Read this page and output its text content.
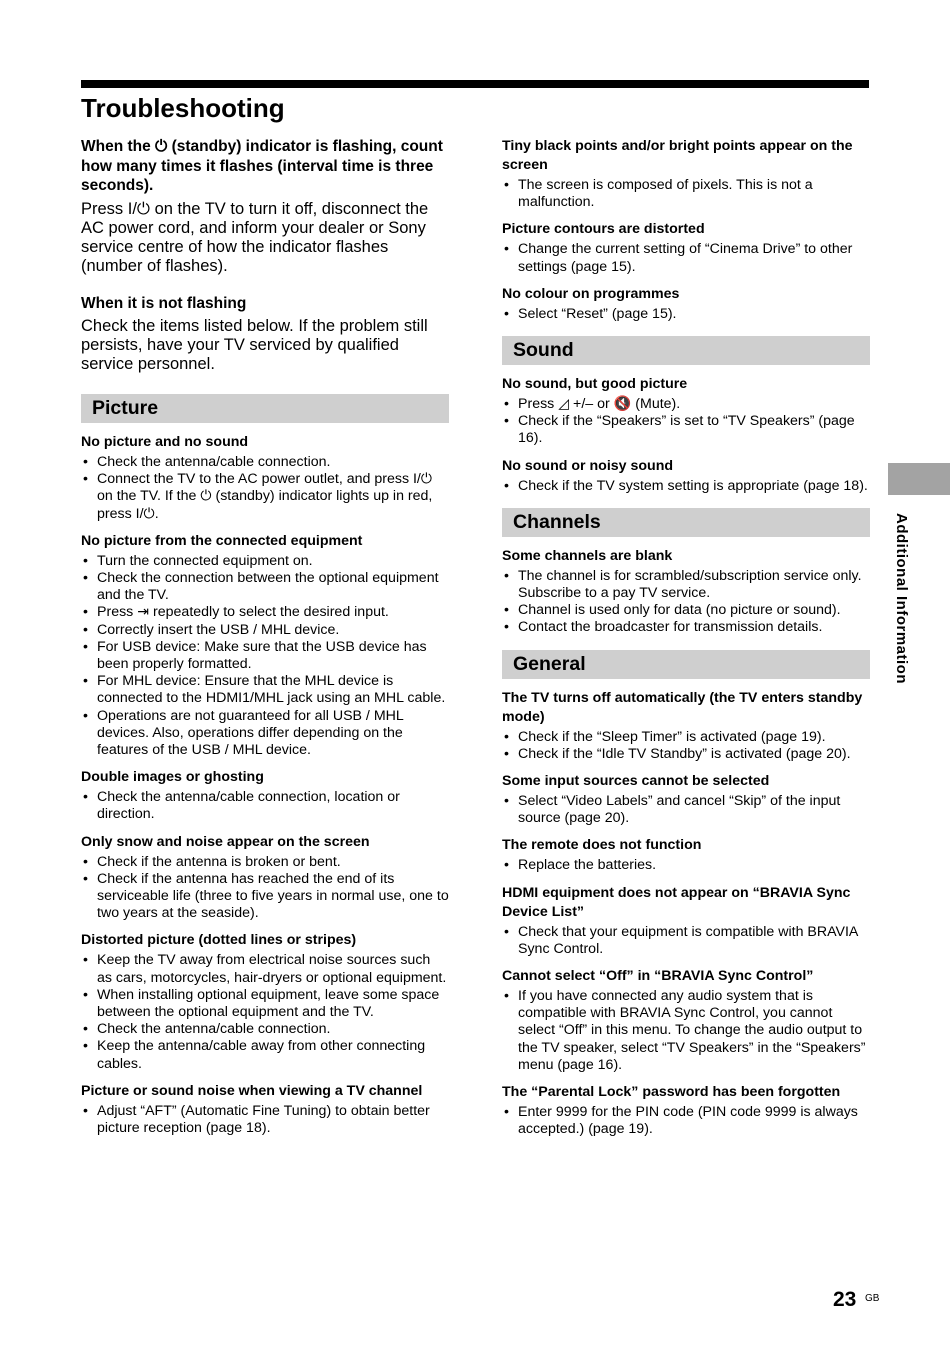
Troubleshooting

When the ⏻ (standby) indicator is flashing, count how many times it flashes (interval time is three seconds).

Press I/⏻ on the TV to turn it off, disconnect the AC power cord, and inform your dealer or Sony service centre of how the indicator flashes (number of flashes).

When it is not flashing

Check the items listed below. If the problem still persists, have your TV serviced by qualified service personnel.

Picture
No picture and no sound
• Check the antenna/cable connection.
• Connect the TV to the AC power outlet, and press I/⏻ on the TV. If the ⏻ (standby) indicator lights up in red, press I/⏻.
No picture from the connected equipment
• Turn the connected equipment on.
• Check the connection between the optional equipment and the TV.
• Press ⇥ repeatedly to select the desired input.
• Correctly insert the USB / MHL device.
• For USB device: Make sure that the USB device has been properly formatted.
• For MHL device: Ensure that the MHL device is connected to the HDMI1/MHL jack using an MHL cable.
• Operations are not guaranteed for all USB / MHL devices. Also, operations differ depending on the features of the USB / MHL device.
Double images or ghosting
• Check the antenna/cable connection, location or direction.
Only snow and noise appear on the screen
• Check if the antenna is broken or bent.
• Check if the antenna has reached the end of its serviceable life (three to five years in normal use, one to two years at the seaside).
Distorted picture (dotted lines or stripes)
• Keep the TV away from electrical noise sources such as cars, motorcycles, hair-dryers or optional equipment.
• When installing optional equipment, leave some space between the optional equipment and the TV.
• Check the antenna/cable connection.
• Keep the antenna/cable away from other connecting cables.
Picture or sound noise when viewing a TV channel
• Adjust “AFT” (Automatic Fine Tuning) to obtain better picture reception (page 18).
Tiny black points and/or bright points appear on the screen
• The screen is composed of pixels. This is not a malfunction.
Picture contours are distorted
• Change the current setting of “Cinema Drive” to other settings (page 15).
No colour on programmes
• Select “Reset” (page 15).
Sound
No sound, but good picture
• Press ◿ +/– or 🔇 (Mute).
• Check if the “Speakers” is set to “TV Speakers” (page 16).
No sound or noisy sound
• Check if the TV system setting is appropriate (page 18).
Channels
Some channels are blank
• The channel is for scrambled/subscription service only. Subscribe to a pay TV service.
• Channel is used only for data (no picture or sound).
• Contact the broadcaster for transmission details.
General
The TV turns off automatically (the TV enters standby mode)
• Check if the “Sleep Timer” is activated (page 19).
• Check if the “Idle TV Standby” is activated (page 20).
Some input sources cannot be selected
• Select “Video Labels” and cancel “Skip” of the input source (page 20).
The remote does not function
• Replace the batteries.
HDMI equipment does not appear on “BRAVIA Sync Device List”
• Check that your equipment is compatible with BRAVIA Sync Control.
Cannot select “Off” in “BRAVIA Sync Control”
• If you have connected any audio system that is compatible with BRAVIA Sync Control, you cannot select “Off” in this menu. To change the audio output to the TV speaker, select “TV Speakers” in the “Speakers” menu (page 16).
The “Parental Lock” password has been forgotten
• Enter 9999 for the PIN code (PIN code 9999 is always accepted.) (page 19).
Additional Information
23 GB
